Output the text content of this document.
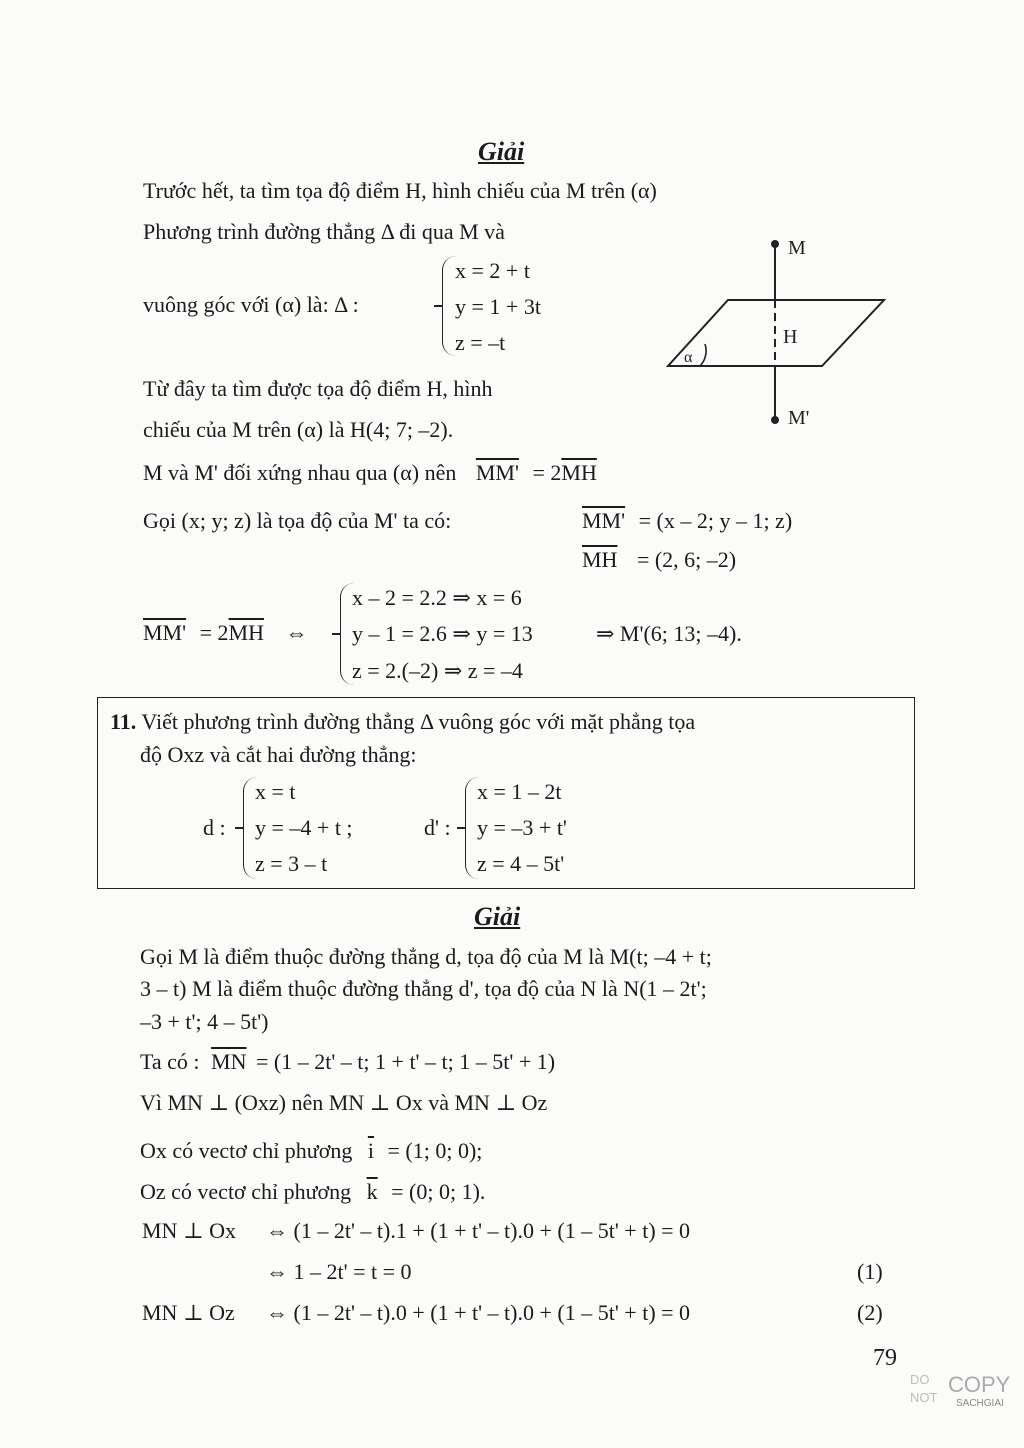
Giải
Trước hết, ta tìm tọa độ điểm H, hình chiếu của M trên (α)
Phương trình đường thẳng Δ đi qua M và
vuông góc với (α) là: Δ :
x = 2 + t
y = 1 + 3t
z = –t
Từ đây ta tìm được tọa độ điểm H, hình
chiếu của M trên (α) là H(4; 7; –2).
M
H
M'
α
M và M' đối xứng nhau qua (α) nên $MM' = 2\overline{MH}$
Gọi (x; y; z) là tọa độ của M' ta có:	MM' = (x – 2; y – 1; z)
$\overline{MH} = (2$, 6; –2)
$MM' = 2\overline{MH}$ ⇔
x – 2 = 2.2 ⇒ x = 6
y – 1 = 2.6 ⇒ y = 13
z = 2.(–2) ⇒ z = –4
⇒ M'(6; 13; –4).
11. Viết phương trình đường thẳng Δ vuông góc với mặt phẳng tọa
độ Oxz và cắt hai đường thẳng:
d :
x = t
y = –4 + t ;
z = 3 – t
d' :
x = 1 – 2t
y = –3 + t'
z = 4 – 5t'
Giải
Gọi M là điểm thuộc đường thẳng d, tọa độ của M là M(t; –4 + t;
3 – t) M là điểm thuộc đường thẳng d', tọa độ của N là N(1 – 2t';
–3 + t'; 4 – 5t')
Ta có : $\overline{MN} = (1 - 2t' - t$; 1 + t' – t; 1 – 5t' + 1)
Vì MN ⊥ (Oxz) nên MN ⊥ Ox và MN ⊥ Oz
Ox có vectơ chỉ phương $\overline{i} = (1$; 0; 0);
Oz có vectơ chỉ phương $\overline{k} = (0$; 0; 1).
MN ⊥ Ox ⇔ (1 – 2t' – t).1 + (1 + t' – t).0 + (1 – 5t' + t) = 0
⇔ 1 – 2t' = t = 0	(1)
MN ⊥ Oz ⇔ (1 – 2t' – t).0 + (1 + t' – t).0 + (1 – 5t' + t) = 0	(2)
79
DO
NOT
COPY
SACHGIAI
